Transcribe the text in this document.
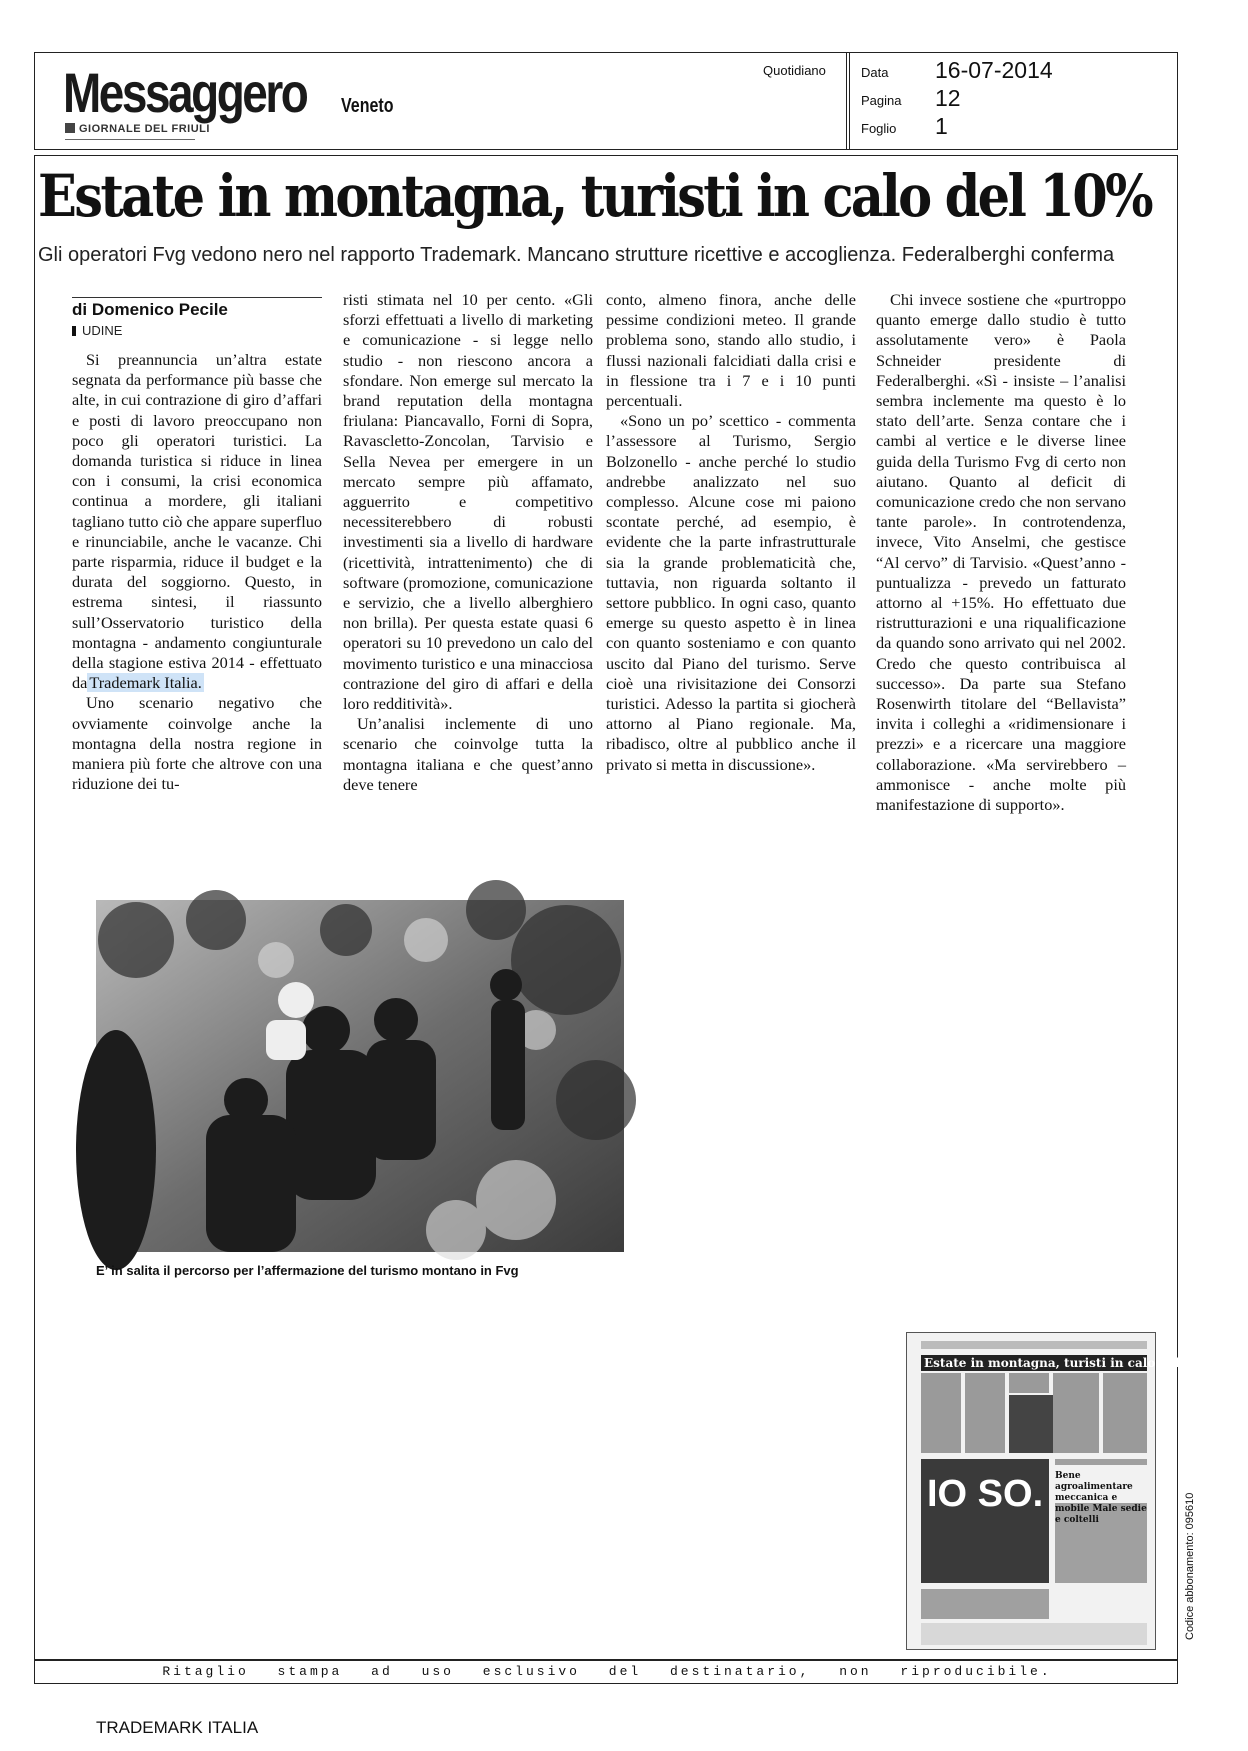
Messaggero Veneto
GIORNALE DEL FRIULI
Quotidiano	Data 16-07-2014
Pagina 12
Foglio 1
Estate in montagna, turisti in calo del 10%
Gli operatori Fvg vedono nero nel rapporto Trademark. Mancano strutture ricettive e accoglienza. Federalberghi conferma
di Domenico Pecile
UDINE

Si preannuncia un’altra estate segnata da performance più basse che alte, in cui contrazione di giro d’affari e posti di lavoro preoccupano non poco gli operatori turistici. La domanda turistica si riduce in linea con i consumi, la crisi economica continua a mordere, gli italiani tagliano tutto ciò che appare superfluo e rinunciabile, anche le vacanze. Chi parte risparmia, riduce il budget e la durata del soggiorno. Questo, in estrema sintesi, il riassunto sull’Osservatorio turistico della montagna - andamento congiunturale della stagione estiva 2014 - effettuato da Trademark Italia.

Uno scenario negativo che ovviamente coinvolge anche la montagna della nostra regione in maniera più forte che altrove con una riduzione dei tu-

risti stimata nel 10 per cento. «Gli sforzi effettuati a livello di marketing e comunicazione - si legge nello studio - non riescono ancora a sfondare. Non emerge sul mercato la brand reputation della montagna friulana: Piancavallo, Forni di Sopra, Ravascletto-Zoncolan, Tarvisio e Sella Nevea per emergere in un mercato sempre più affamato, agguerrito e competitivo necessiterebbero di robusti investimenti sia a livello di hardware (ricettività, intrattenimento) che di software (promozione, comunicazione e servizio, che a livello alberghiero non brilla). Per questa estate quasi 6 operatori su 10 prevedono un calo del movimento turistico e una minacciosa contrazione del giro di affari e della loro redditività».

Un’analisi inclemente di uno scenario che coinvolge tutta la montagna italiana e che quest’anno deve tenere

conto, almeno finora, anche delle pessime condizioni meteo. Il grande problema sono, stando allo studio, i flussi nazionali falcidiati dalla crisi e in flessione tra i 7 e i 10 punti percentuali.

«Sono un po’ scettico - commenta l’assessore al Turismo, Sergio Bolzonello - anche perché lo studio andrebbe analizzato nel suo complesso. Alcune cose mi paiono scontate perché, ad esempio, è evidente che la parte infrastrutturale sia la grande problematicità che, tuttavia, non riguarda soltanto il settore pubblico. In ogni caso, quanto emerge su questo aspetto è in linea con quanto sosteniamo e con quanto uscito dal Piano del turismo. Serve cioè una rivisitazione dei Consorzi turistici. Adesso la partita si giocherà attorno al Piano regionale. Ma, ribadisco, oltre al pubblico anche il privato si metta in discussione».

Chi invece sostiene che «purtroppo quanto emerge dallo studio è tutto assolutamente vero» è Paola Schneider presidente di Federalberghi. «Sì - insiste – l’analisi sembra inclemente ma questo è lo stato dell’arte. Senza contare che i cambi al vertice e le diverse linee guida della Turismo Fvg di certo non aiutano. Quanto al deficit di comunicazione credo che non servano tante parole». In controtendenza, invece, Vito Anselmi, che gestisce “Al cervo” di Tarvisio. «Quest’anno - puntualizza - prevedo un fatturato attorno al +15%. Ho effettuato due ristrutturazioni e una riqualificazione da quando sono arrivato qui nel 2002. Credo che questo contribuisca al successo». Da parte sua Stefano Rosenwirth titolare del “Bellavista” invita i colleghi a «ridimensionare i prezzi» e a ricercare una maggiore collaborazione. «Ma servirebbero – ammonisce - anche molte più manifestazione di supporto».

E’ in salita il percorso per l’affermazione del turismo montano in Fvg
Estate in montagna, turisti in calo del 10%
IO SO. Bene agroalimentare meccanica e mobile Male sedie e coltelli	Codice abbonamento: 095610
Ritaglio stampa ad uso esclusivo del destinatario, non riproducibile.
TRADEMARK ITALIA
